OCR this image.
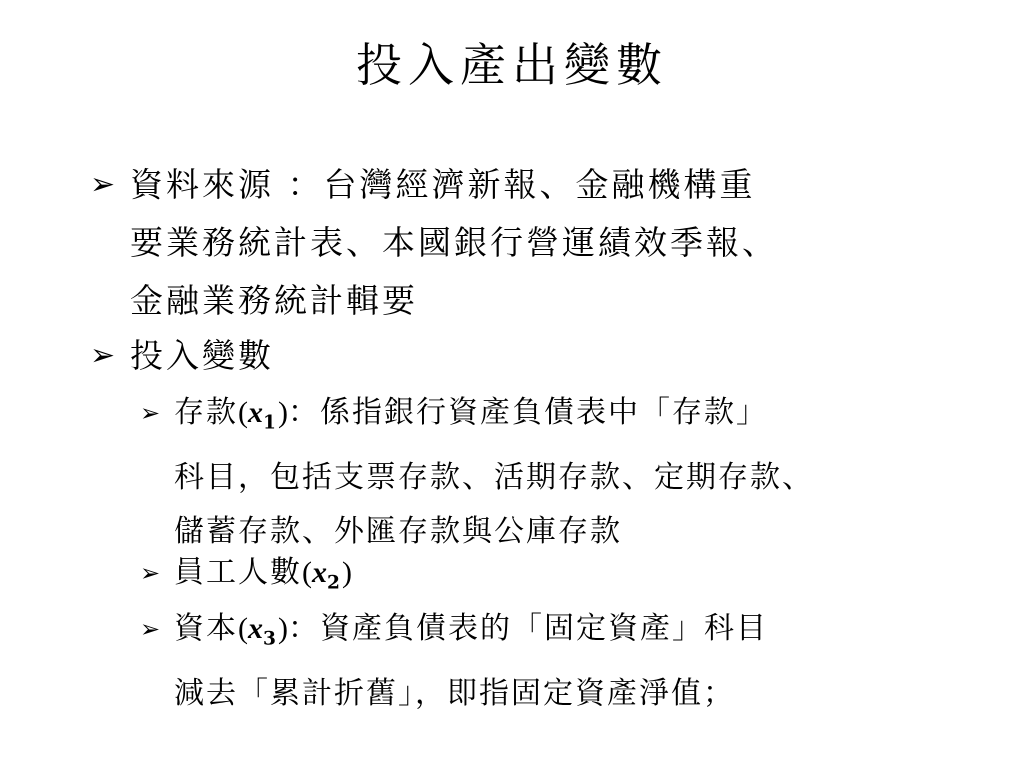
投入產出變數
➢ 資料來源 ：台灣經濟新報、金融機構重
要業務統計表、本國銀行營運績效季報、
金融業務統計輯要
➢ 投入變數
➢ 存款$(x_1)$：係指銀行資產負債表中「存款」
科目，包括支票存款、活期存款、定期存款、
儲蓄存款、外匯存款與公庫存款
➢ 員工人數$(x_2)$
➢ 資本$(x_3)$：資產負債表的「固定資產」科目
減去「累計折舊」，即指固定資產淨值；
